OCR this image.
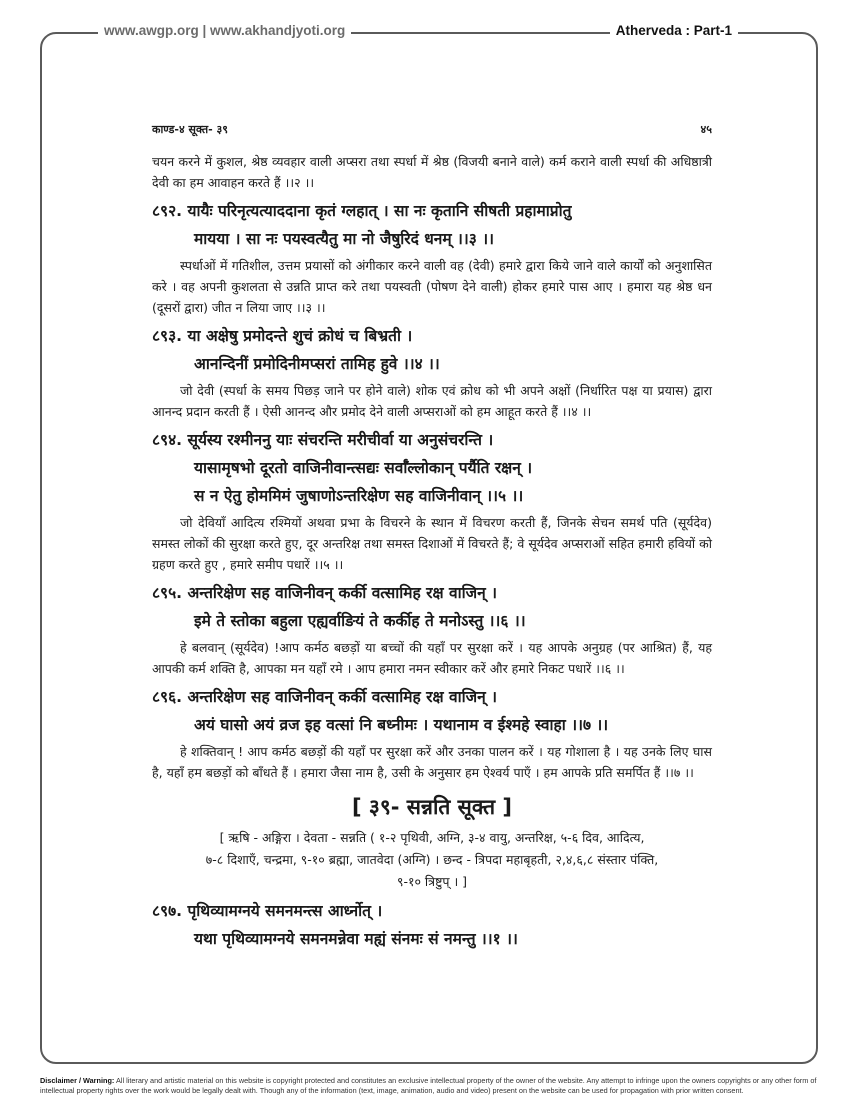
www.awgp.org | www.akhandjyoti.org	Atherveda : Part-1
काण्ड-४ सूक्त- ३९	४५

चयन करने में कुशल, श्रेष्ठ व्यवहार वाली अप्सरा तथा स्पर्धा में श्रेष्ठ (विजयी बनाने वाले) कर्म कराने वाली स्पर्धा की अधिष्ठात्री देवी का हम आवाहन करते हैं ।।२ ।।

८९२. यायैः परिनृत्यत्याददाना कृतं ग्लहात् । सा नः कृतानि सीषती प्रहामाप्नोतु
मायया । सा नः पयस्वत्यैतु मा नो जैषुरिदं धनम् ।।३ ।।

स्पर्धाओं में गतिशील, उत्तम प्रयासों को अंगीकार करने वाली वह (देवी) हमारे द्वारा किये जाने वाले कार्यों को अनुशासित करे । वह अपनी कुशलता से उन्नति प्राप्त करे तथा पयस्वती (पोषण देने वाली) होकर हमारे पास आए । हमारा यह श्रेष्ठ धन (दूसरों द्वारा) जीत न लिया जाए ।।३ ।।

८९३. या अक्षेषु प्रमोदन्ते शुचं क्रोधं च बिभ्रती ।
आनन्दिनीं प्रमोदिनीमप्सरां तामिह हुवे ।।४ ।।

जो देवी (स्पर्धा के समय पिछड़ जाने पर होने वाले) शोक एवं क्रोध को भी अपने अक्षों (निर्धारित पक्ष या प्रयास) द्वारा आनन्द प्रदान करती हैं । ऐसी आनन्द और प्रमोद देने वाली अप्सराओं को हम आहूत करते हैं ।।४ ।।

८९४. सूर्यस्य रश्मीननु याः संचरन्ति मरीचीर्वा या अनुसंचरन्ति ।
यासामृषभो दूरतो वाजिनीवान्त्सद्यः सर्वाँल्लोकान् पर्यैति रक्षन् ।
स न ऐतु होममिमं जुषाणोऽन्तरिक्षेण सह वाजिनीवान् ।।५ ।।

जो देवियाँ आदित्य रश्मियों अथवा प्रभा के विचरने के स्थान में विचरण करती हैं, जिनके सेचन समर्थ पति (सूर्यदेव) समस्त लोकों की सुरक्षा करते हुए, दूर अन्तरिक्ष तथा समस्त दिशाओं में विचरते हैं; वे सूर्यदेव अप्सराओं सहित हमारी हवियों को ग्रहण करते हुए , हमारे समीप पधारें ।।५ ।।

८९५. अन्तरिक्षेण सह वाजिनीवन् कर्की वत्सामिह रक्ष वाजिन् ।
इमे ते स्तोका बहुला एह्यर्वाङियं ते कर्कीह ते मनोऽस्तु ।।६ ।।

हे बलवान् (सूर्यदेव) !आप कर्मठ बछड़ों या बच्चों की यहाँ पर सुरक्षा करें । यह आपके अनुग्रह (पर आश्रित) हैं, यह आपकी कर्म शक्ति है, आपका मन यहाँ रमे । आप हमारा नमन स्वीकार करें और हमारे निकट पधारें ।।६ ।।

८९६. अन्तरिक्षेण सह वाजिनीवन् कर्की वत्सामिह रक्ष वाजिन् ।
अयं घासो अयं व्रज इह वत्सां नि बध्नीमः । यथानाम व ईश्महे स्वाहा ।।७ ।।

हे शक्तिवान् ! आप कर्मठ बछड़ों की यहाँ पर सुरक्षा करें और उनका पालन करें । यह गोशाला है । यह उनके लिए घास है, यहाँ हम बछड़ों को बाँधते हैं । हमारा जैसा नाम है, उसी के अनुसार हम ऐश्वर्य पाएँ । हम आपके प्रति समर्पित हैं ।।७ ।।

[ ३९- सन्नति सूक्त ]
[ ऋषि - अङ्गिरा । देवता - सन्नति ( १-२ पृथिवी, अग्नि, ३-४ वायु, अन्तरिक्ष, ५-६ दिव, आदित्य,
७-८ दिशाएँ, चन्द्रमा, ९-१० ब्रह्मा, जातवेदा (अग्नि) । छन्द - त्रिपदा महाबृहती, २,४,६,८ संस्तार पंक्ति,
९-१० त्रिष्टुप् । ]
८९७. पृथिव्यामग्नये समनमन्त्स आर्ध्नोत् ।
यथा पृथिव्यामग्नये समनमन्नेवा मह्यं संनमः सं नमन्तु ।।१ ।।
Disclaimer / Warning: All literary and artistic material on this website is copyright protected and constitutes an exclusive intellectual property of the owner of the website. Any attempt to infringe upon the owners copyrights or any other form of intellectual property rights over the work would be legally dealt with. Though any of the information (text, image, animation, audio and video) present on the website can be used for propagation with prior written consent.
